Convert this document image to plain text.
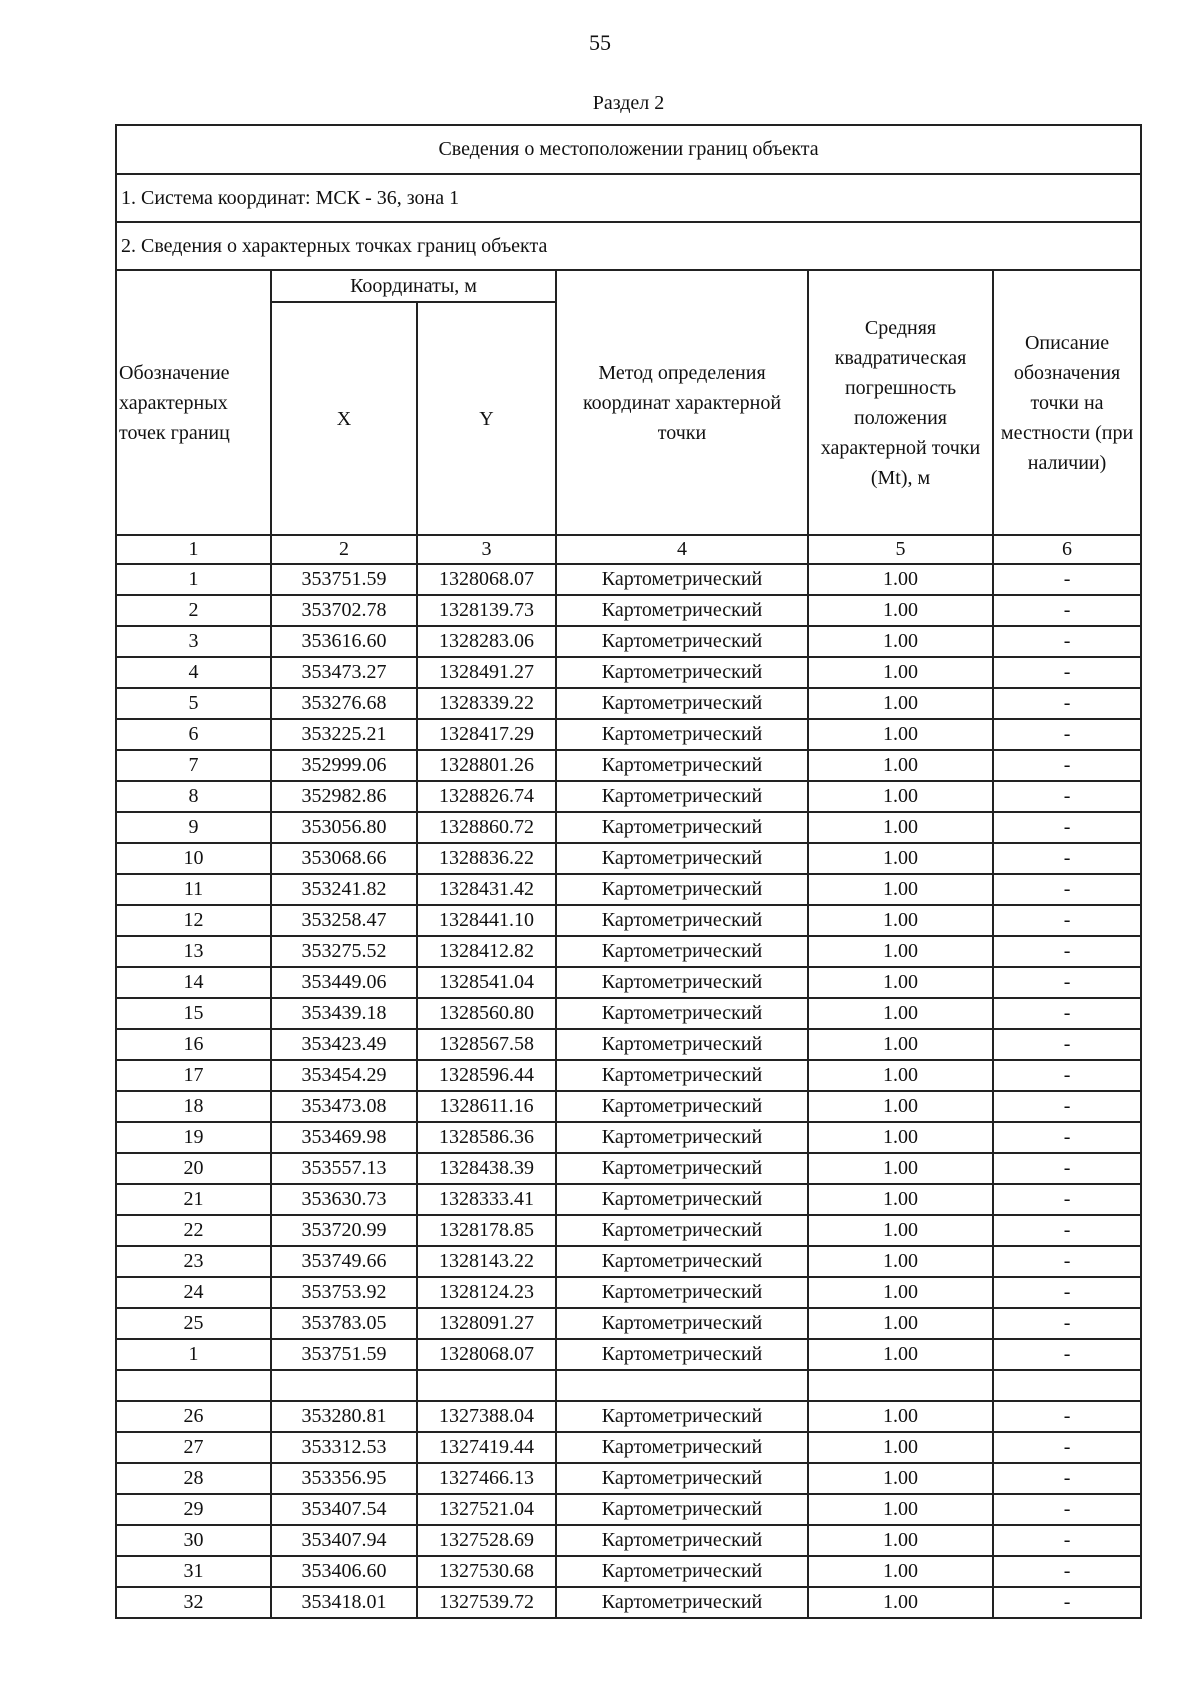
55
Раздел 2
Сведения о местоположении границ объекта					
1. Система координат: МСК - 36, зона 1					
2. Сведения о характерных точках границ объекта					
Обозначение характерных точек границ	Координаты, м		Метод определения координат характерной точки	Средняя квадратическая погрешность положения характерной точки (Mt), м	Описание обозначения точки на местности (при наличии)
	X	Y			
1	2	3	4	5	6
1	353751.59	1328068.07	Картометрический	1.00	-
2	353702.78	1328139.73	Картометрический	1.00	-
3	353616.60	1328283.06	Картометрический	1.00	-
4	353473.27	1328491.27	Картометрический	1.00	-
5	353276.68	1328339.22	Картометрический	1.00	-
6	353225.21	1328417.29	Картометрический	1.00	-
7	352999.06	1328801.26	Картометрический	1.00	-
8	352982.86	1328826.74	Картометрический	1.00	-
9	353056.80	1328860.72	Картометрический	1.00	-
10	353068.66	1328836.22	Картометрический	1.00	-
11	353241.82	1328431.42	Картометрический	1.00	-
12	353258.47	1328441.10	Картометрический	1.00	-
13	353275.52	1328412.82	Картометрический	1.00	-
14	353449.06	1328541.04	Картометрический	1.00	-
15	353439.18	1328560.80	Картометрический	1.00	-
16	353423.49	1328567.58	Картометрический	1.00	-
17	353454.29	1328596.44	Картометрический	1.00	-
18	353473.08	1328611.16	Картометрический	1.00	-
19	353469.98	1328586.36	Картометрический	1.00	-
20	353557.13	1328438.39	Картометрический	1.00	-
21	353630.73	1328333.41	Картометрический	1.00	-
22	353720.99	1328178.85	Картометрический	1.00	-
23	353749.66	1328143.22	Картометрический	1.00	-
24	353753.92	1328124.23	Картометрический	1.00	-
25	353783.05	1328091.27	Картометрический	1.00	-
1	353751.59	1328068.07	Картометрический	1.00	-

26	353280.81	1327388.04	Картометрический	1.00	-
27	353312.53	1327419.44	Картометрический	1.00	-
28	353356.95	1327466.13	Картометрический	1.00	-
29	353407.54	1327521.04	Картометрический	1.00	-
30	353407.94	1327528.69	Картометрический	1.00	-
31	353406.60	1327530.68	Картометрический	1.00	-
32	353418.01	1327539.72	Картометрический	1.00	-
